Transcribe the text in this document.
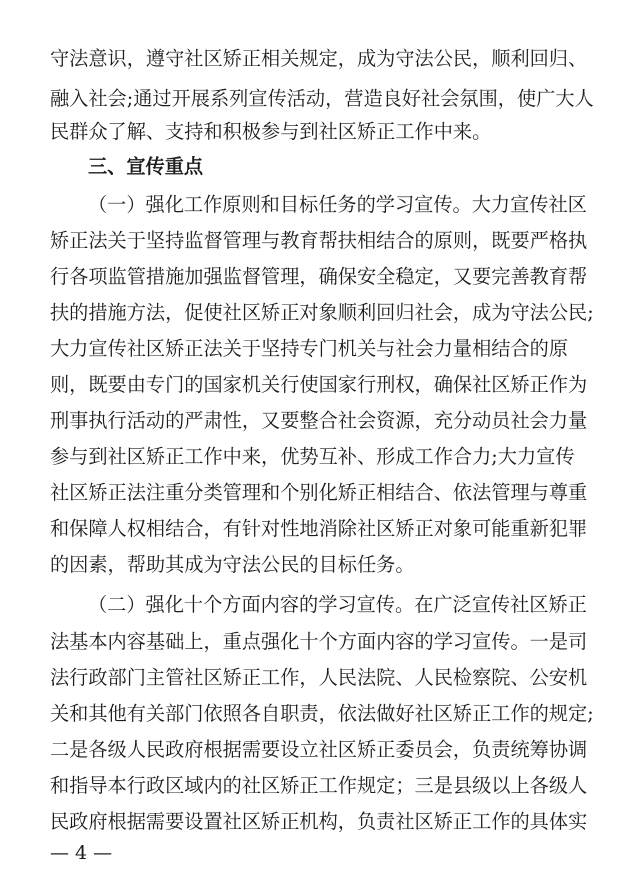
守法意识，遵守社区矫正相关规定，成为守法公民，顺利回归、
融入社会;通过开展系列宣传活动，营造良好社会氛围，使广大人
民群众了解、支持和积极参与到社区矫正工作中来。
三、宣传重点
（一）强化工作原则和目标任务的学习宣传。大力宣传社区
矫正法关于坚持监督管理与教育帮扶相结合的原则，既要严格执
行各项监管措施加强监督管理，确保安全稳定，又要完善教育帮
扶的措施方法，促使社区矫正对象顺利回归社会，成为守法公民;
大力宣传社区矫正法关于坚持专门机关与社会力量相结合的原
则，既要由专门的国家机关行使国家行刑权，确保社区矫正作为
刑事执行活动的严肃性，又要整合社会资源，充分动员社会力量
参与到社区矫正工作中来，优势互补、形成工作合力;大力宣传
社区矫正法注重分类管理和个别化矫正相结合、依法管理与尊重
和保障人权相结合，有针对性地消除社区矫正对象可能重新犯罪
的因素，帮助其成为守法公民的目标任务。
（二）强化十个方面内容的学习宣传。在广泛宣传社区矫正
法基本内容基础上，重点强化十个方面内容的学习宣传。一是司
法行政部门主管社区矫正工作，人民法院、人民检察院、公安机
关和其他有关部门依照各自职责，依法做好社区矫正工作的规定;
二是各级人民政府根据需要设立社区矫正委员会，负责统筹协调
和指导本行政区域内的社区矫正工作规定；三是县级以上各级人
民政府根据需要设置社区矫正机构，负责社区矫正工作的具体实
— 4 —
